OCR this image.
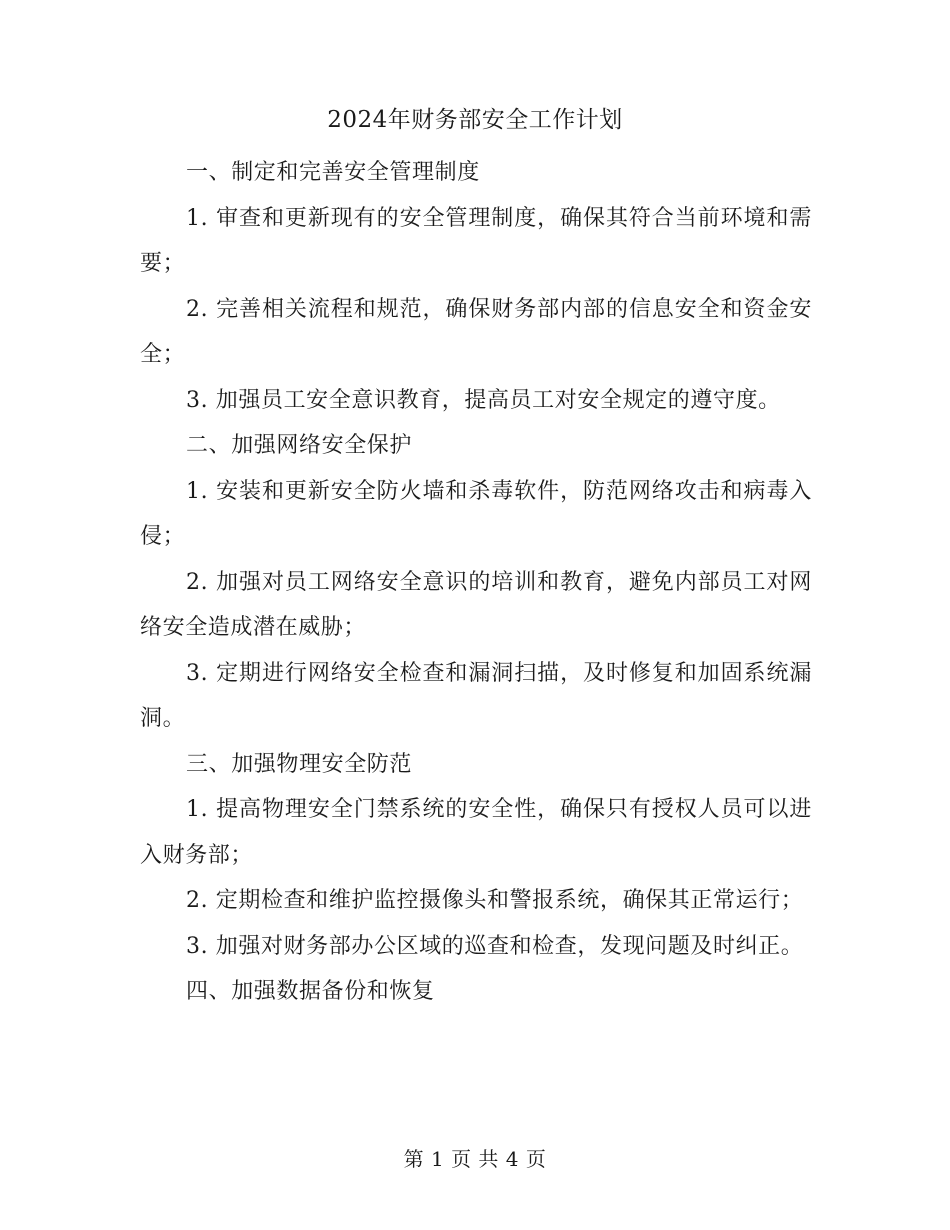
2024年财务部安全工作计划

一、制定和完善安全管理制度

1. 审查和更新现有的安全管理制度，确保其符合当前环境和需要；

2. 完善相关流程和规范，确保财务部内部的信息安全和资金安全；

3. 加强员工安全意识教育，提高员工对安全规定的遵守度。

二、加强网络安全保护

1. 安装和更新安全防火墙和杀毒软件，防范网络攻击和病毒入侵；

2. 加强对员工网络安全意识的培训和教育，避免内部员工对网络安全造成潜在威胁；

3. 定期进行网络安全检查和漏洞扫描，及时修复和加固系统漏洞。

三、加强物理安全防范

1. 提高物理安全门禁系统的安全性，确保只有授权人员可以进入财务部；

2. 定期检查和维护监控摄像头和警报系统，确保其正常运行；

3. 加强对财务部办公区域的巡查和检查，发现问题及时纠正。

四、加强数据备份和恢复

第 1 页 共 4 页
